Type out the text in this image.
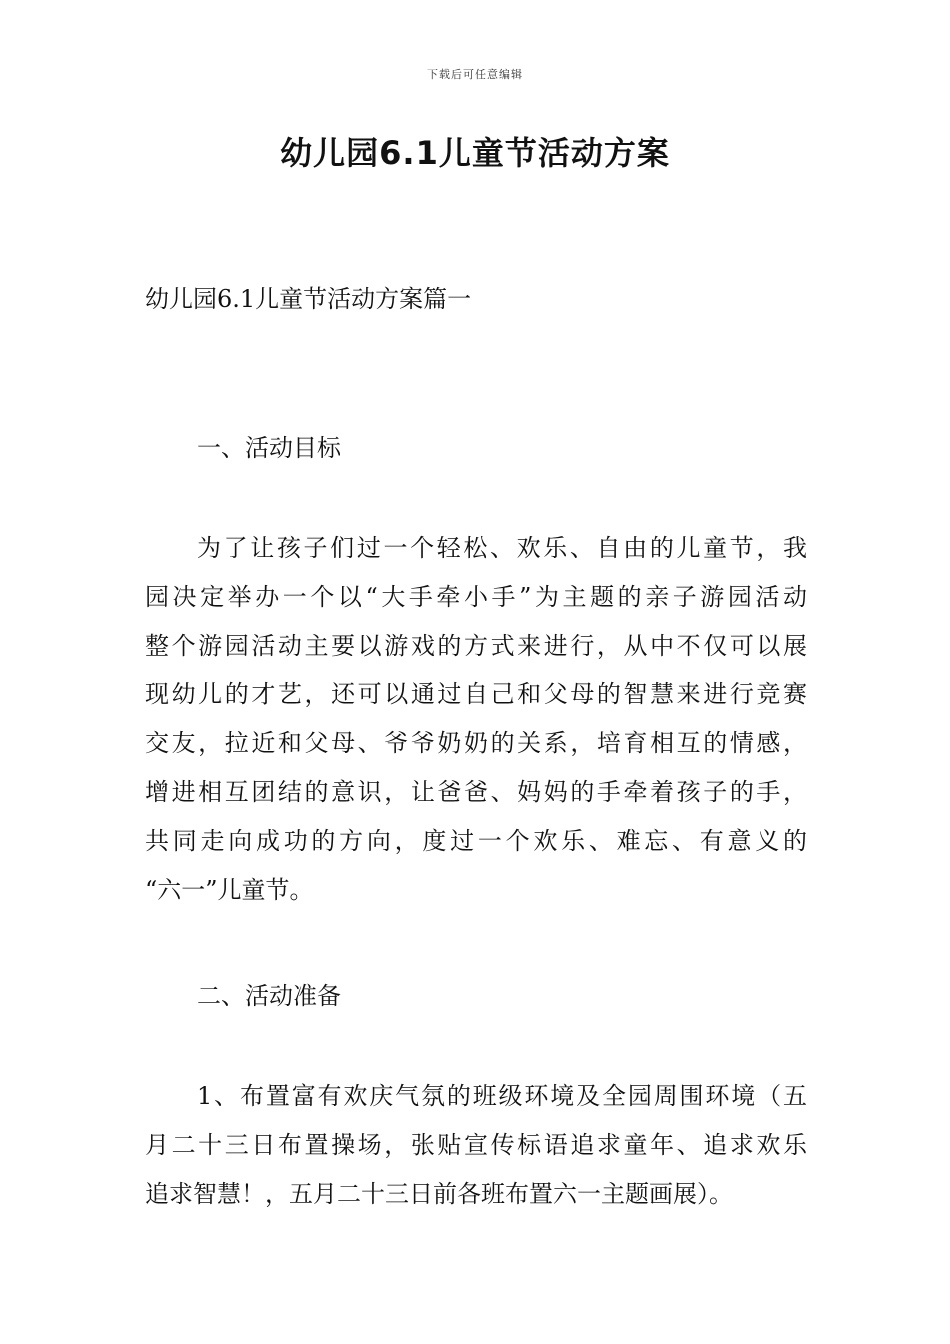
下载后可任意编辑
幼儿园6.1儿童节活动方案
幼儿园6.1儿童节活动方案篇一
一、活动目标
为了让孩子们过一个轻松、欢乐、自由的儿童节，我
园决定举办一个以“大手牵小手”为主题的亲子游园活动
整个游园活动主要以游戏的方式来进行，从中不仅可以展
现幼儿的才艺，还可以通过自己和父母的智慧来进行竞赛
交友，拉近和父母、爷爷奶奶的关系，培育相互的情感，
增进相互团结的意识，让爸爸、妈妈的手牵着孩子的手，
共同走向成功的方向，度过一个欢乐、难忘、有意义的
“六一”儿童节。
二、活动准备
1、布置富有欢庆气氛的班级环境及全园周围环境（五
月二十三日布置操场，张贴宣传标语追求童年、追求欢乐
追求智慧！，五月二十三日前各班布置六一主题画展）。
